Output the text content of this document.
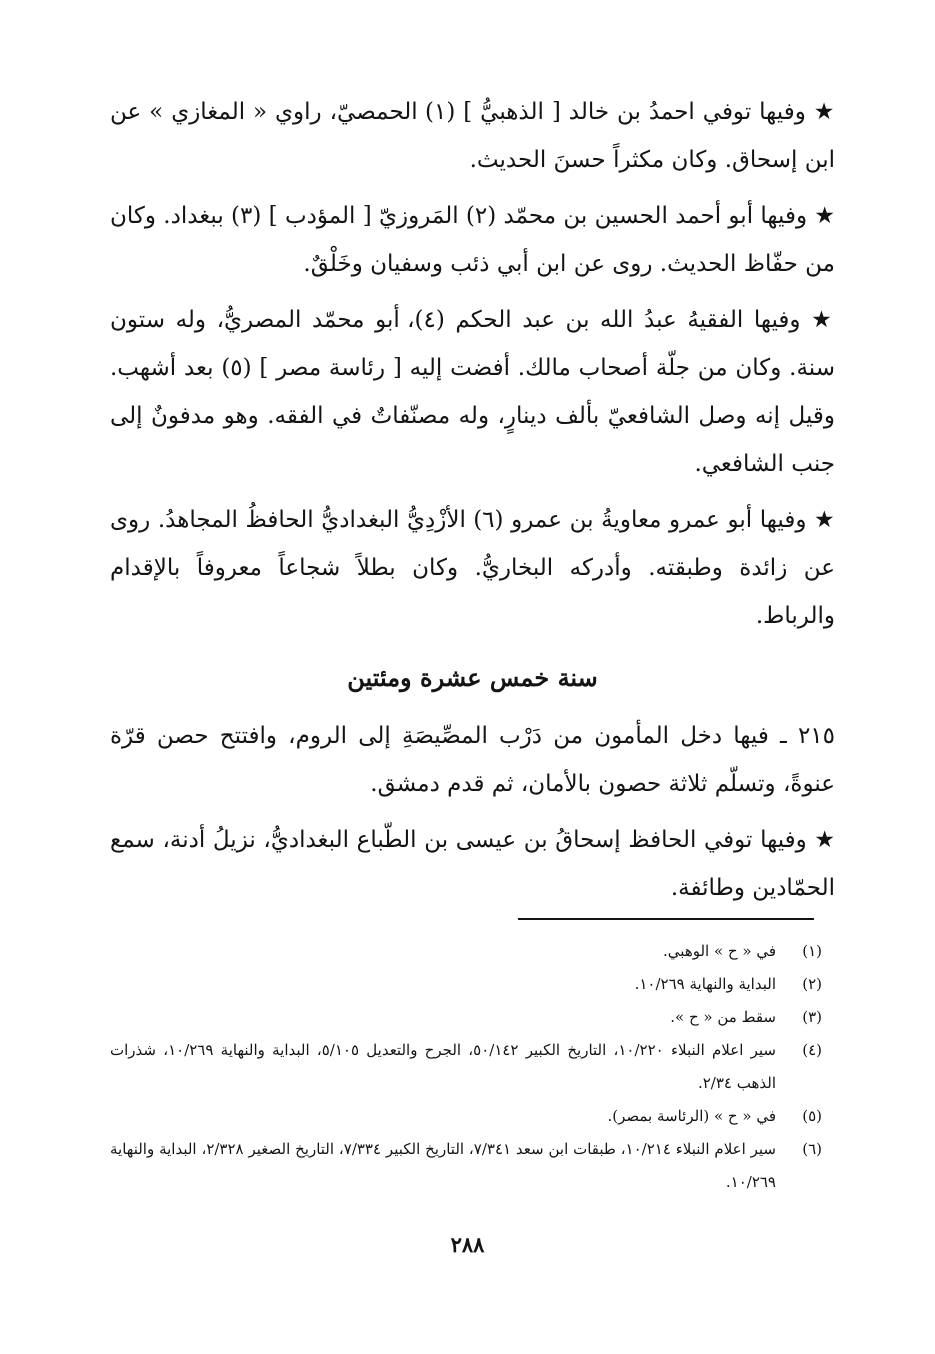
★ وفيها توفي احمدُ بن خالد [ الذهبيُّ ] (١) الحمصيّ، راوي « المغازي » عن ابن إسحاق. وكان مكثراً حسنَ الحديث.

★ وفيها أبو أحمد الحسين بن محمّد (٢) المَروزيّ [ المؤدب ] (٣) ببغداد. وكان من حفّاظ الحديث. روى عن ابن أبي ذئب وسفيان وخَلْقٌ.

★ وفيها الفقيهُ عبدُ الله بن عبد الحكم (٤)، أبو محمّد المصريُّ، وله ستون سنة. وكان من جلّة أصحاب مالك. أفضت إليه [ رئاسة مصر ] (٥) بعد أشهب. وقيل إنه وصل الشافعيّ بألف دينارٍ، وله مصنّفاتٌ في الفقه. وهو مدفونٌ إلى جنب الشافعي.

★ وفيها أبو عمرو معاويةُ بن عمرو (٦) الأزْدِيُّ البغداديُّ الحافظُ المجاهدُ. روى عن زائدة وطبقته. وأدركه البخاريُّ. وكان بطلاً شجاعاً معروفاً بالإقدام والرباط.

سنة خمس عشرة ومئتين

٢١٥ ـ فيها دخل المأمون من دَرْب المصِّيصَةِ إلى الروم، وافتتح حصن قرّة عنوةً، وتسلّم ثلاثة حصون بالأمان، ثم قدم دمشق.

★ وفيها توفي الحافظ إسحاقُ بن عيسى بن الطّباع البغداديُّ، نزيلُ أدنة، سمع الحمّادين وطائفة.

(١)
في « ح » الوهبي.

(٢)
البداية والنهاية ١٠/٢٦٩.

(٣)
سقط من « ح ».

(٤)
سير اعلام النبلاء ١٠/٢٢٠، التاريخ الكبير ٥٠/١٤٢، الجرح والتعديل ٥/١٠٥، البداية والنهاية ١٠/٢٦٩، شذرات الذهب ٢/٣٤.

(٥)
في « ح » (الرئاسة بمصر).

(٦)
سير اعلام النبلاء ١٠/٢١٤، طبقات ابن سعد ٧/٣٤١، التاريخ الكبير ٧/٣٣٤، التاريخ الصغير ٢/٣٢٨، البداية والنهاية ١٠/٢٦٩.

٢٨٨
